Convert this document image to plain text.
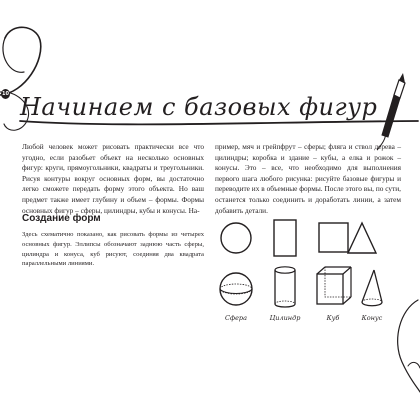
10 Начинаем с базовых фигур

Любой человек может рисовать практически все что угодно, если разобьет объект на несколько основных фигур: круги, прямоугольники, квадраты и треугольники. Рисуя контуры вокруг основных форм, вы достаточно легко сможете передать форму этого объекта. Но ваш предмет также имеет глубину и объем – формы. Формы основных фигур – сферы, цилиндры, кубы и конусы. На-

пример, мяч и грейпфрут – сферы; фляга и ствол дерева – цилиндры; коробка и здание – кубы, а елка и рожок – конусы. Это – все, что необходимо для выполнения первого шага любого рисунка: рисуйте базовые фигуры и переводите их в объемные формы. После этого вы, по сути, останется только соединить и доработать линии, а затем добавить детали.

Создание форм

Здесь схематично показано, как рисовать формы из четырех основных фигур. Эллипсы обозначают заднюю часть сферы, цилиндра и конуса, куб рисуют, соединяя два квадрата параллельными линиями.

Сфера	Цилиндр	Куб	Конус
